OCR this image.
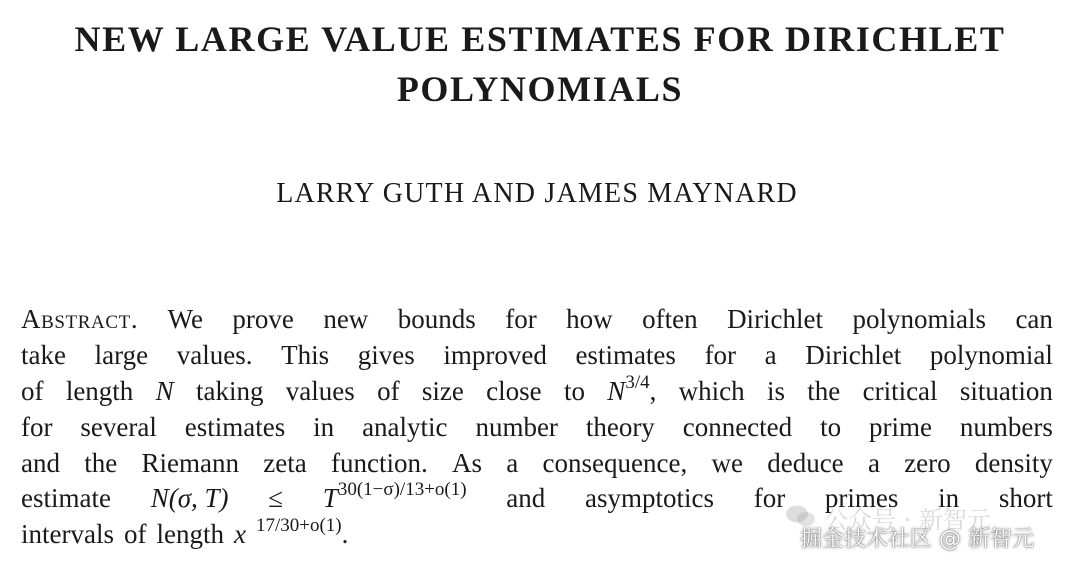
NEW LARGE VALUE ESTIMATES FOR DIRICHLET
POLYNOMIALS
LARRY GUTH AND JAMES MAYNARD
Abstract. We prove new bounds for how often Dirichlet polynomials can
take large values. This gives improved estimates for a Dirichlet polynomial
of length N taking values of size close to $N^{3/4}$, which is the critical situation
for several estimates in analytic number theory connected to prime numbers
and the Riemann zeta function. As a consequence, we deduce a zero density
estimate N(σ, $T) \le T^{30(1-\sigma)/13+o(1)}$ and asymptotics for primes in short
intervals of length x $^{17/30+o(1)}$.	公众号 · 新智元
掘金技术社区 @ 新智元
